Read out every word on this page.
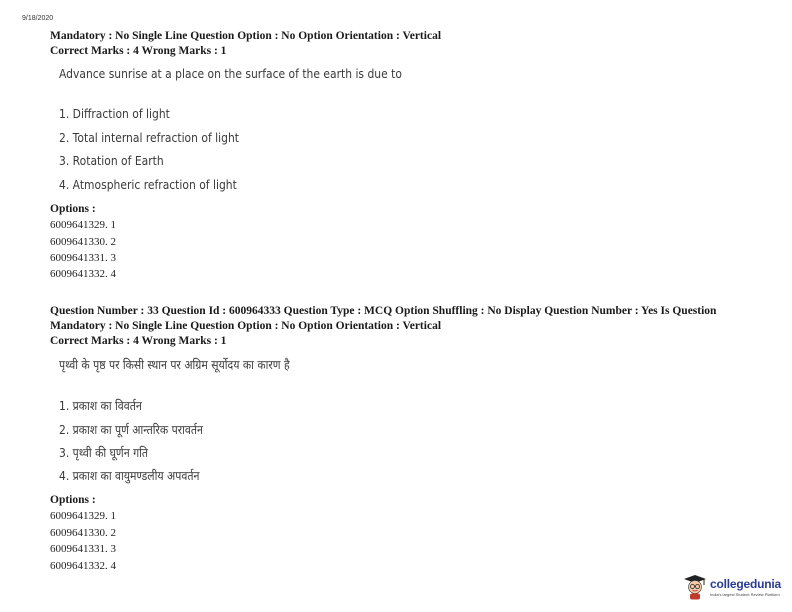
9/18/2020
Mandatory : No Single Line Question Option : No Option Orientation : Vertical
Correct Marks : 4 Wrong Marks : 1
Advance sunrise at a place on the surface of the earth is due to
1. Diffraction of light
2. Total internal refraction of light
3. Rotation of Earth
4. Atmospheric refraction of light
Options :
6009641329. 1
6009641330. 2
6009641331. 3
6009641332. 4
Question Number : 33 Question Id : 600964333 Question Type : MCQ Option Shuffling : No Display Question Number : Yes Is Question
Mandatory : No Single Line Question Option : No Option Orientation : Vertical
Correct Marks : 4 Wrong Marks : 1
पृथ्वी के पृष्ठ पर किसी स्थान पर अग्रिम सूर्योदय का कारण है
1. प्रकाश का विवर्तन
2. प्रकाश का पूर्ण आन्तरिक परावर्तन
3. पृथ्वी की घूर्णन गति
4. प्रकाश का वायुमण्डलीय अपवर्तन
Options :
6009641329. 1
6009641330. 2
6009641331. 3
6009641332. 4
collegedunia
India's largest Student Review Platform
